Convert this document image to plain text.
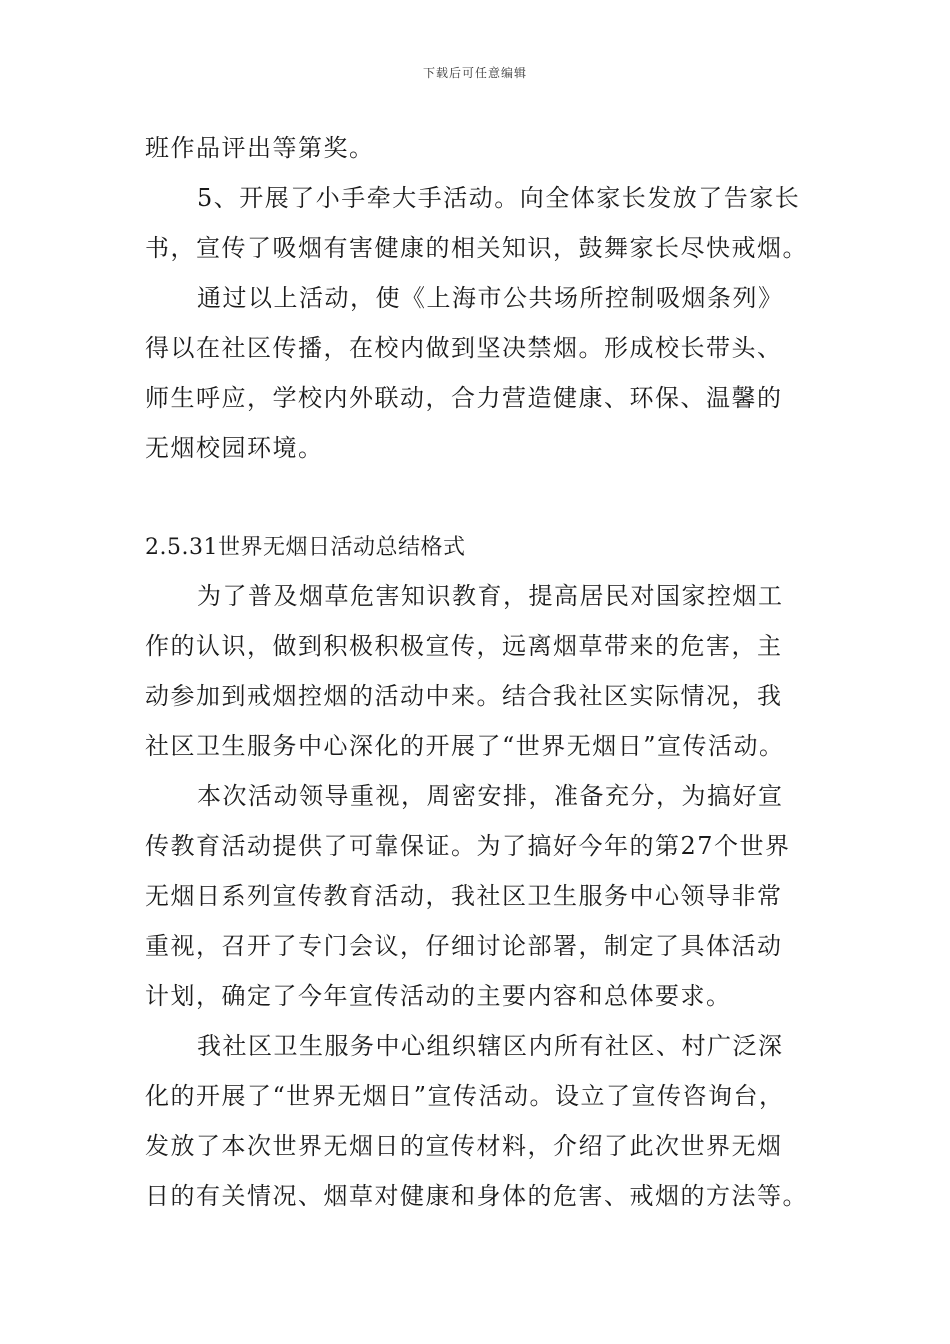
下载后可任意编辑
班作品评出等第奖。
5、开展了小手牵大手活动。向全体家长发放了告家长
书，宣传了吸烟有害健康的相关知识，鼓舞家长尽快戒烟。
通过以上活动，使《上海市公共场所控制吸烟条列》
得以在社区传播，在校内做到坚决禁烟。形成校长带头、
师生呼应，学校内外联动，合力营造健康、环保、温馨的
无烟校园环境。
2.5.31世界无烟日活动总结格式
为了普及烟草危害知识教育，提高居民对国家控烟工
作的认识，做到积极积极宣传，远离烟草带来的危害，主
动参加到戒烟控烟的活动中来。结合我社区实际情况，我
社区卫生服务中心深化的开展了“世界无烟日”宣传活动。
本次活动领导重视，周密安排，准备充分，为搞好宣
传教育活动提供了可靠保证。为了搞好今年的第27个世界
无烟日系列宣传教育活动，我社区卫生服务中心领导非常
重视，召开了专门会议，仔细讨论部署，制定了具体活动
计划，确定了今年宣传活动的主要内容和总体要求。
我社区卫生服务中心组织辖区内所有社区、村广泛深
化的开展了“世界无烟日”宣传活动。设立了宣传咨询台，
发放了本次世界无烟日的宣传材料，介绍了此次世界无烟
日的有关情况、烟草对健康和身体的危害、戒烟的方法等。
